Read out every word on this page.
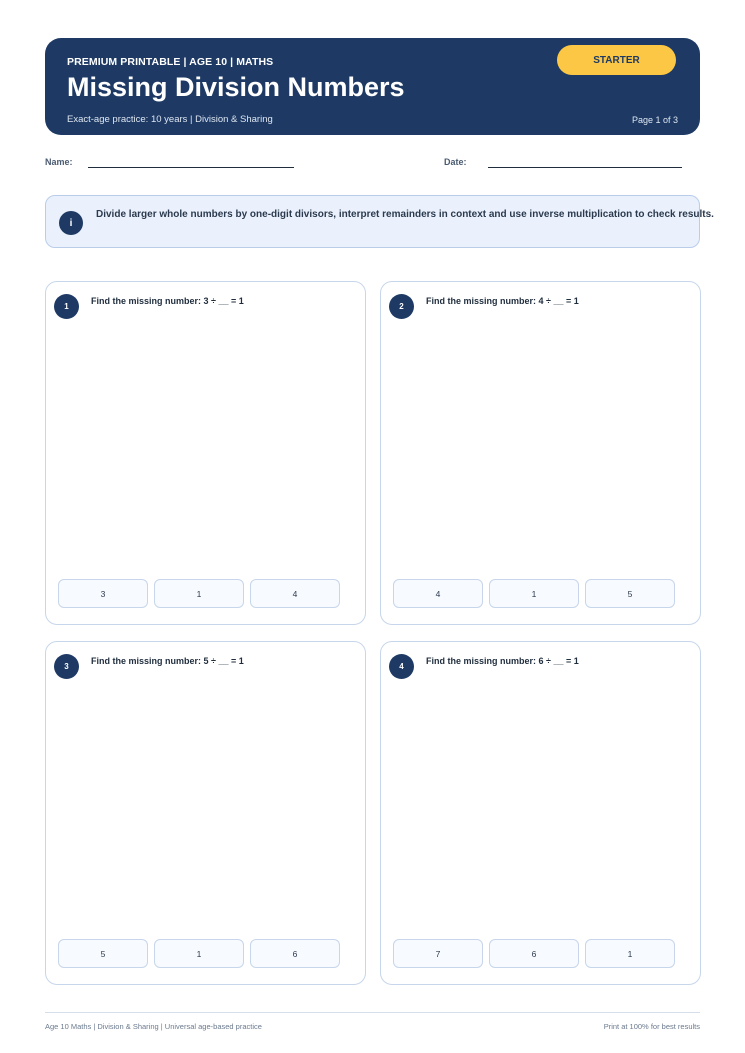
PREMIUM PRINTABLE | AGE 10 | MATHS
Missing Division Numbers
Exact-age practice: 10 years | Division & Sharing
STARTER
Page 1 of 3
Name:	Date:
i
Divide larger whole numbers by one-digit divisors, interpret remainders in context and use inverse multiplication to check results.
1
Find the missing number: 3 ÷ __ = 1
3	1	4
2
Find the missing number: 4 ÷ __ = 1
4	1	5
3
Find the missing number: 5 ÷ __ = 1
5	1	6
4
Find the missing number: 6 ÷ __ = 1
7	6	1
Age 10 Maths | Division & Sharing | Universal age-based practice	Print at 100% for best results
